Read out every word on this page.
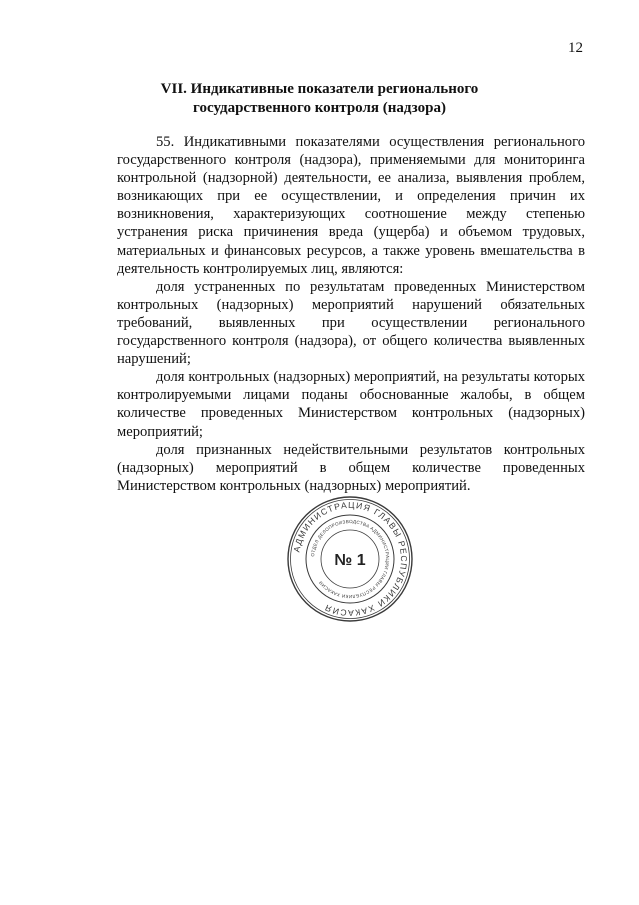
12
VII. Индикативные показатели регионального
государственного контроля (надзора)

55. Индикативными показателями осуществления регионального государственного контроля (надзора), применяемыми для мониторинга контрольной (надзорной) деятельности, ее анализа, выявления проблем, возникающих при ее осуществлении, и определения причин их возникновения, характеризующих соотношение между степенью устранения риска причинения вреда (ущерба) и объемом трудовых, материальных и финансовых ресурсов, а также уровень вмешательства в деятельность контролируемых лиц, являются:

доля устраненных по результатам проведенных Министерством контрольных (надзорных) мероприятий нарушений обязательных требований, выявленных при осуществлении регионального государственного контроля (надзора), от общего количества выявленных нарушений;

доля контрольных (надзорных) мероприятий, на результаты которых контролируемыми лицами поданы обоснованные жалобы, в общем количестве проведенных Министерством контрольных (надзорных) мероприятий;

доля признанных недействительными результатов контрольных (надзорных) мероприятий в общем количестве проведенных Министерством контрольных (надзорных) мероприятий.

АДМИНИСТРАЦИЯ ГЛАВЫ РЕСПУБЛИКИ ХАКАСИЯ
ОТДЕЛ ДЕЛОПРОИЗВОДСТВА АДМИНИСТРАЦИИ ГЛАВЫ РЕСПУБЛИКИ ХАКАСИЯ
№ 1
